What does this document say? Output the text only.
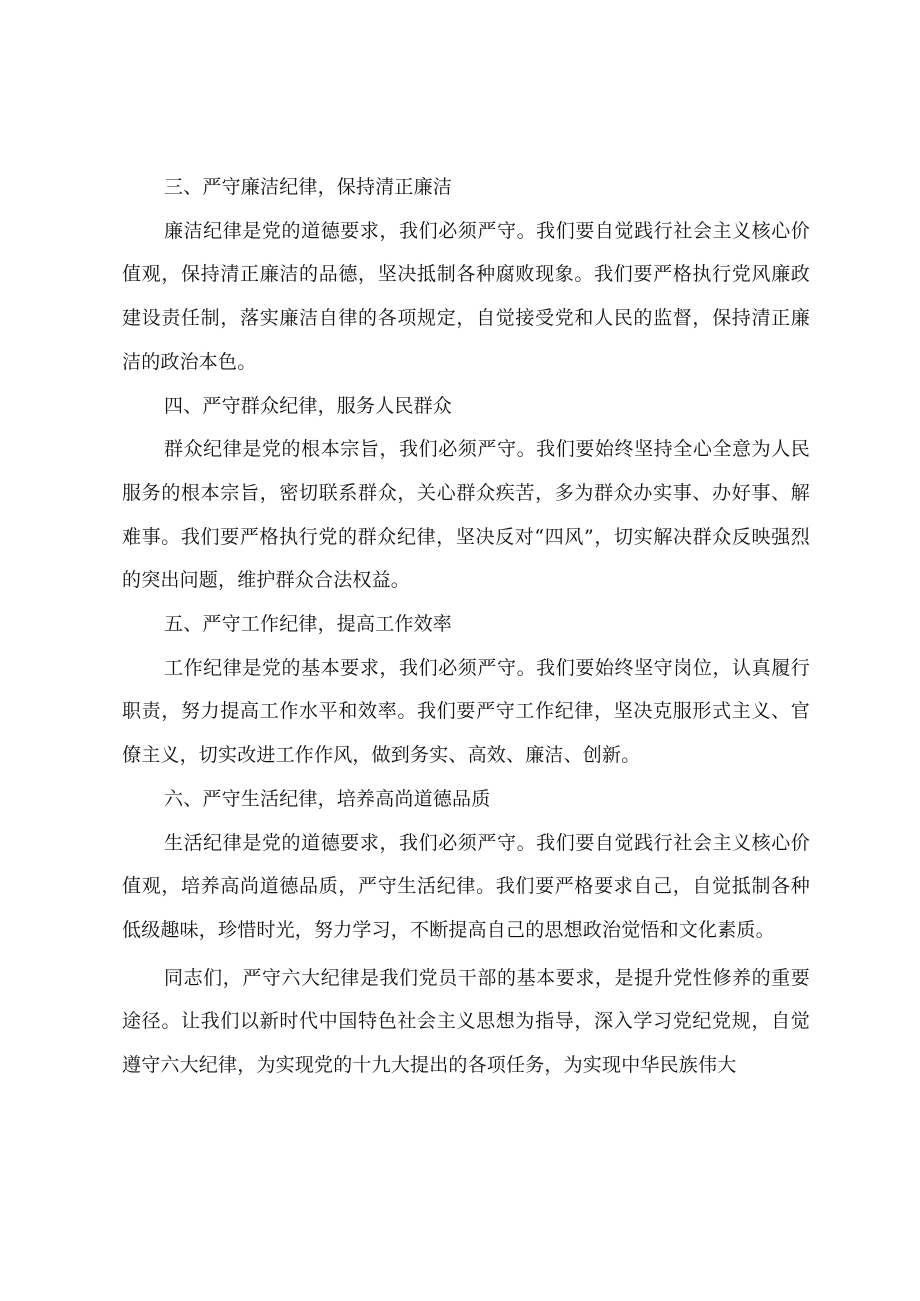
三、严守廉洁纪律，保持清正廉洁

廉洁纪律是党的道德要求，我们必须严守。我们要自觉践行社会主义核心价值观，保持清正廉洁的品德，坚决抵制各种腐败现象。我们要严格执行党风廉政建设责任制，落实廉洁自律的各项规定，自觉接受党和人民的监督，保持清正廉洁的政治本色。

四、严守群众纪律，服务人民群众

群众纪律是党的根本宗旨，我们必须严守。我们要始终坚持全心全意为人民服务的根本宗旨，密切联系群众，关心群众疾苦，多为群众办实事、办好事、解难事。我们要严格执行党的群众纪律，坚决反对“四风”，切实解决群众反映强烈的突出问题，维护群众合法权益。

五、严守工作纪律，提高工作效率

工作纪律是党的基本要求，我们必须严守。我们要始终坚守岗位，认真履行职责，努力提高工作水平和效率。我们要严守工作纪律，坚决克服形式主义、官僚主义，切实改进工作作风，做到务实、高效、廉洁、创新。

六、严守生活纪律，培养高尚道德品质

生活纪律是党的道德要求，我们必须严守。我们要自觉践行社会主义核心价值观，培养高尚道德品质，严守生活纪律。我们要严格要求自己，自觉抵制各种低级趣味，珍惜时光，努力学习，不断提高自己的思想政治觉悟和文化素质。

同志们，严守六大纪律是我们党员干部的基本要求，是提升党性修养的重要途径。让我们以新时代中国特色社会主义思想为指导，深入学习党纪党规，自觉遵守六大纪律，为实现党的十九大提出的各项任务，为实现中华民族伟大
